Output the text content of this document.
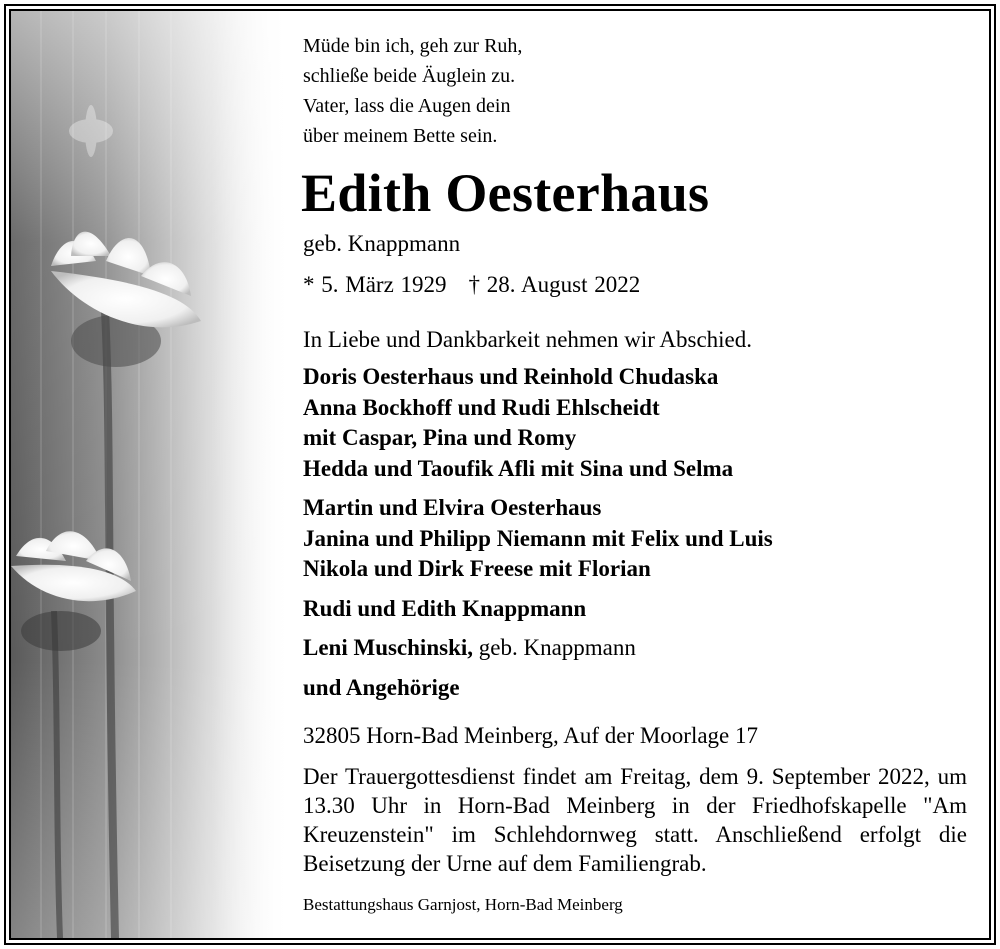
Müde bin ich, geh zur Ruh,
schließe beide Äuglein zu.
Vater, lass die Augen dein
über meinem Bette sein.
Edith Oesterhaus
geb. Knappmann
* 5. März 1929 † 28. August 2022
In Liebe und Dankbarkeit nehmen wir Abschied.
Doris Oesterhaus und Reinhold Chudaska
Anna Bockhoff und Rudi Ehlscheidt
mit Caspar, Pina und Romy
Hedda und Taoufik Afli mit Sina und Selma
Martin und Elvira Oesterhaus
Janina und Philipp Niemann mit Felix und Luis
Nikola und Dirk Freese mit Florian
Rudi und Edith Knappmann
Leni Muschinski, geb. Knappmann
und Angehörige
32805 Horn-Bad Meinberg, Auf der Moorlage 17
Der Trauergottesdienst findet am Freitag, dem 9. September 2022, um 13.30 Uhr in Horn-Bad Meinberg in der Friedhofskapelle "Am Kreuzenstein" im Schlehdornweg statt. Anschließend erfolgt die Beisetzung der Urne auf dem Familiengrab.
Bestattungshaus Garnjost, Horn-Bad Meinberg
